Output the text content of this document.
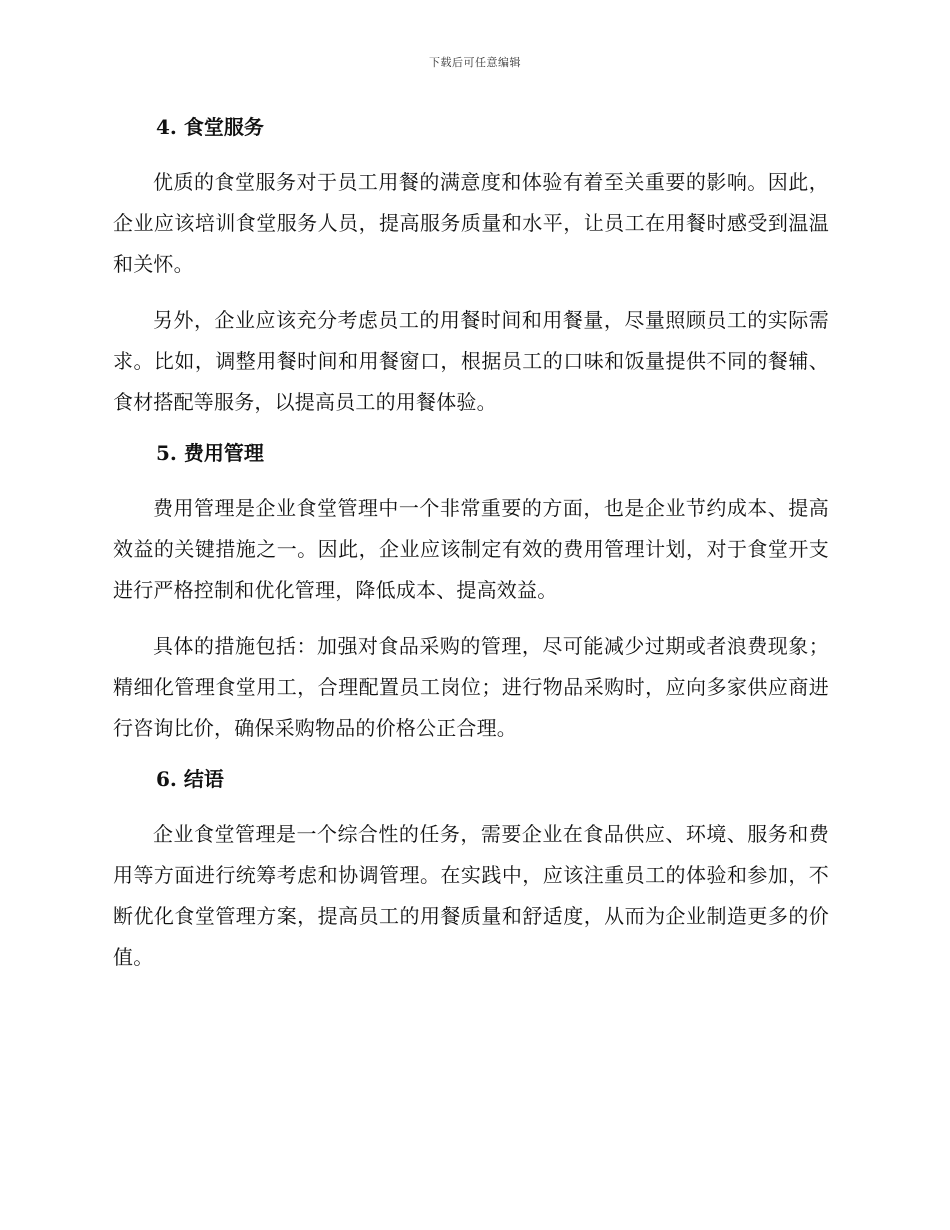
下载后可任意编辑
4. 食堂服务

优质的食堂服务对于员工用餐的满意度和体验有着至关重要的影响。因此，企业应该培训食堂服务人员，提高服务质量和水平，让员工在用餐时感受到温温和关怀。

另外，企业应该充分考虑员工的用餐时间和用餐量，尽量照顾员工的实际需求。比如，调整用餐时间和用餐窗口，根据员工的口味和饭量提供不同的餐辅、食材搭配等服务，以提高员工的用餐体验。

5. 费用管理

费用管理是企业食堂管理中一个非常重要的方面，也是企业节约成本、提高效益的关键措施之一。因此，企业应该制定有效的费用管理计划，对于食堂开支进行严格控制和优化管理，降低成本、提高效益。

具体的措施包括：加强对食品采购的管理，尽可能减少过期或者浪费现象；精细化管理食堂用工，合理配置员工岗位；进行物品采购时，应向多家供应商进行咨询比价，确保采购物品的价格公正合理。

6. 结语

企业食堂管理是一个综合性的任务，需要企业在食品供应、环境、服务和费用等方面进行统筹考虑和协调管理。在实践中，应该注重员工的体验和参加，不断优化食堂管理方案，提高员工的用餐质量和舒适度，从而为企业制造更多的价值。
